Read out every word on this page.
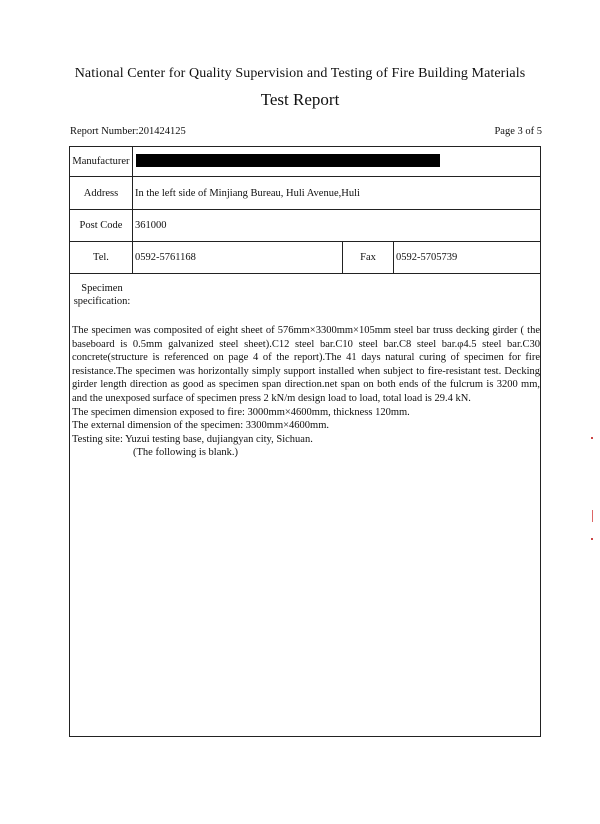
National Center for Quality Supervision and Testing of Fire Building Materials
Test Report
Report Number:201424125	Page 3 of 5
Manufacturer
Address	In the left side of Minjiang Bureau, Huli Avenue,Huli
Post Code	361000
Tel.	0592-5761168	Fax	0592-5705739
Specimen specification:

The specimen was composited of eight sheet of 576mm×3300mm×105mm steel bar truss decking girder ( the baseboard is 0.5mm galvanized steel sheet).C12 steel bar.C10 steel bar.C8 steel bar.φ4.5 steel bar.C30 concrete(structure is referenced on page 4 of the report).The 41 days natural curing of specimen for fire resistance.The specimen was horizontally simply support installed when subject to fire-resistant test. Decking girder length direction as good as specimen span direction.net span on both ends of the fulcrum is 3200 mm, and the unexposed surface of specimen press 2 kN/m design load to load, total load is 29.4 kN.

The specimen dimension exposed to fire: 3000mm×4600mm, thickness 120mm.

The external dimension of the specimen: 3300mm×4600mm.

Testing site: Yuzui testing base, dujiangyan city, Sichuan.

(The following is blank.)
